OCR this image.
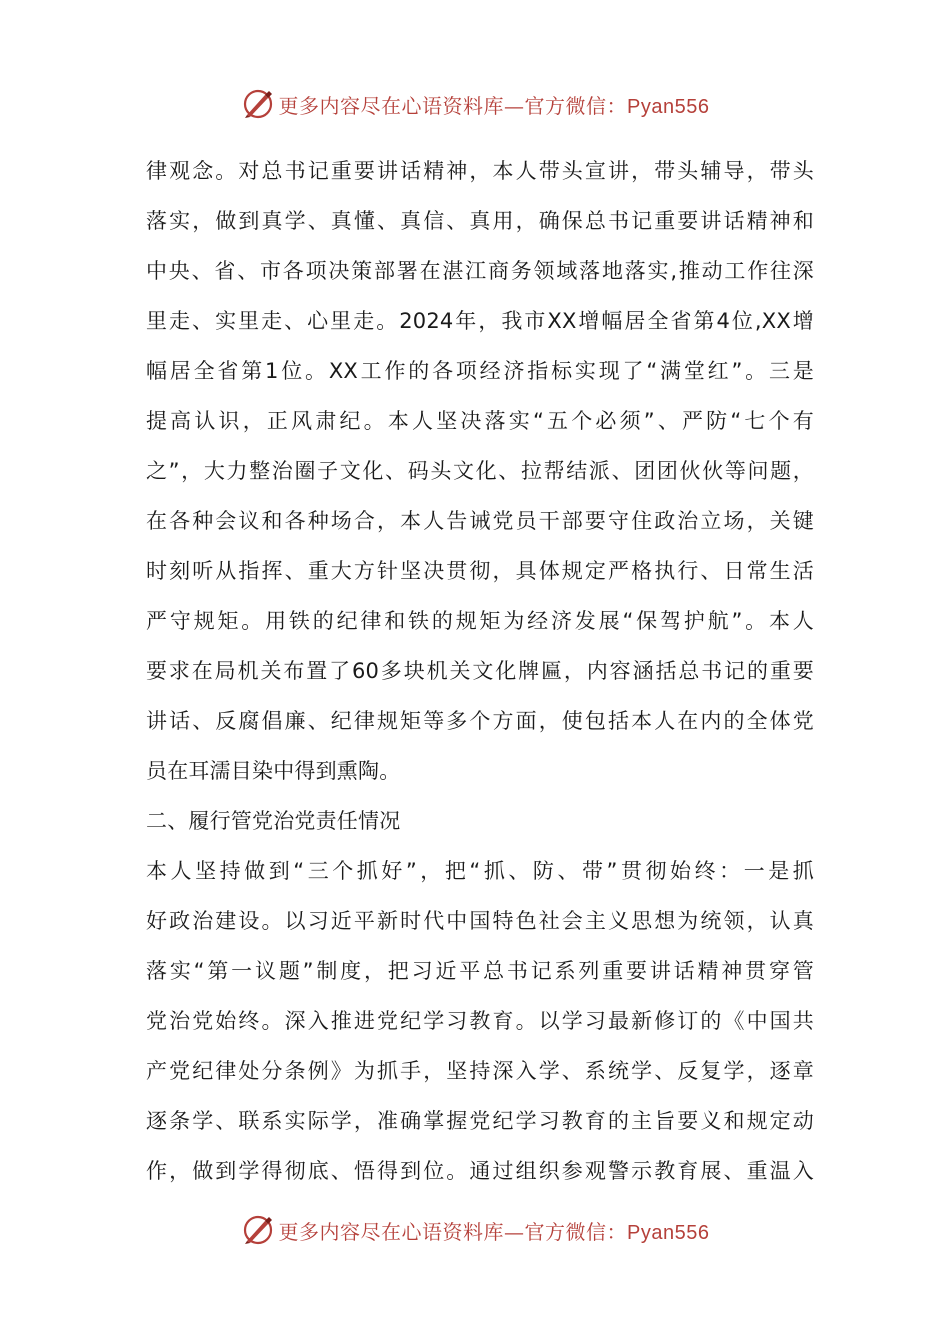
更多内容尽在心语资料库—官方微信：Pyan556
律观念。对总书记重要讲话精神，本人带头宣讲，带头辅导，带头
落实，做到真学、真懂、真信、真用，确保总书记重要讲话精神和
中央、省、市各项决策部署在湛江商务领域落地落实,推动工作往深
里走、实里走、心里走。2024年，我市XX增幅居全省第4位,XX增
幅居全省第1位。XX工作的各项经济指标实现了“满堂红”。三是
提高认识，正风肃纪。本人坚决落实“五个必须”、严防“七个有
之”，大力整治圈子文化、码头文化、拉帮结派、团团伙伙等问题，
在各种会议和各种场合，本人告诫党员干部要守住政治立场，关键
时刻听从指挥、重大方针坚决贯彻，具体规定严格执行、日常生活
严守规矩。用铁的纪律和铁的规矩为经济发展“保驾护航”。本人
要求在局机关布置了60多块机关文化牌匾，内容涵括总书记的重要
讲话、反腐倡廉、纪律规矩等多个方面，使包括本人在内的全体党
员在耳濡目染中得到熏陶。
二、履行管党治党责任情况
本人坚持做到“三个抓好”，把“抓、防、带”贯彻始终：一是抓
好政治建设。以习近平新时代中国特色社会主义思想为统领，认真
落实“第一议题”制度，把习近平总书记系列重要讲话精神贯穿管
党治党始终。深入推进党纪学习教育。以学习最新修订的《中国共
产党纪律处分条例》为抓手，坚持深入学、系统学、反复学，逐章
逐条学、联系实际学，准确掌握党纪学习教育的主旨要义和规定动
作，做到学得彻底、悟得到位。通过组织参观警示教育展、重温入
更多内容尽在心语资料库—官方微信：Pyan556
